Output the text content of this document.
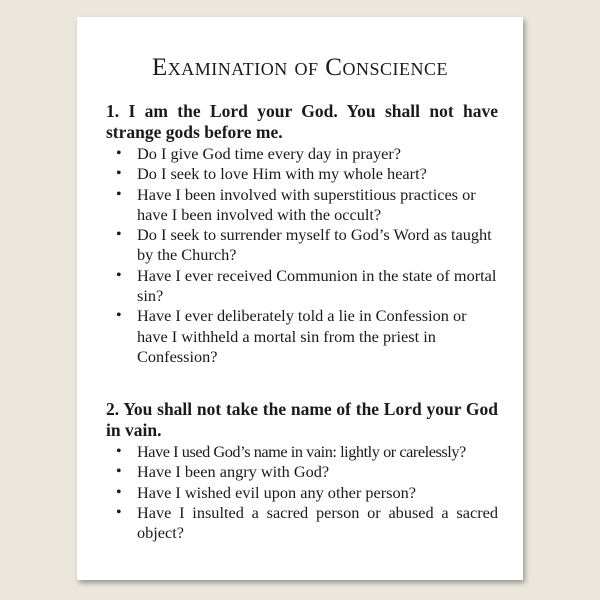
Examination of Conscience

1. I am the Lord your God. You shall not have strange gods before me.

• Do I give God time every day in prayer?
• Do I seek to love Him with my whole heart?
• Have I been involved with superstitious practices or have I been involved with the occult?
• Do I seek to surrender myself to God’s Word as taught by the Church?
• Have I ever received Communion in the state of mortal sin?
• Have I ever deliberately told a lie in Confession or have I withheld a mortal sin from the priest in Confession?

2. You shall not take the name of the Lord your God in vain.

• Have I used God’s name in vain: lightly or carelessly?
• Have I been angry with God?
• Have I wished evil upon any other person?
• Have I insulted a sacred person or abused a sacred object?
